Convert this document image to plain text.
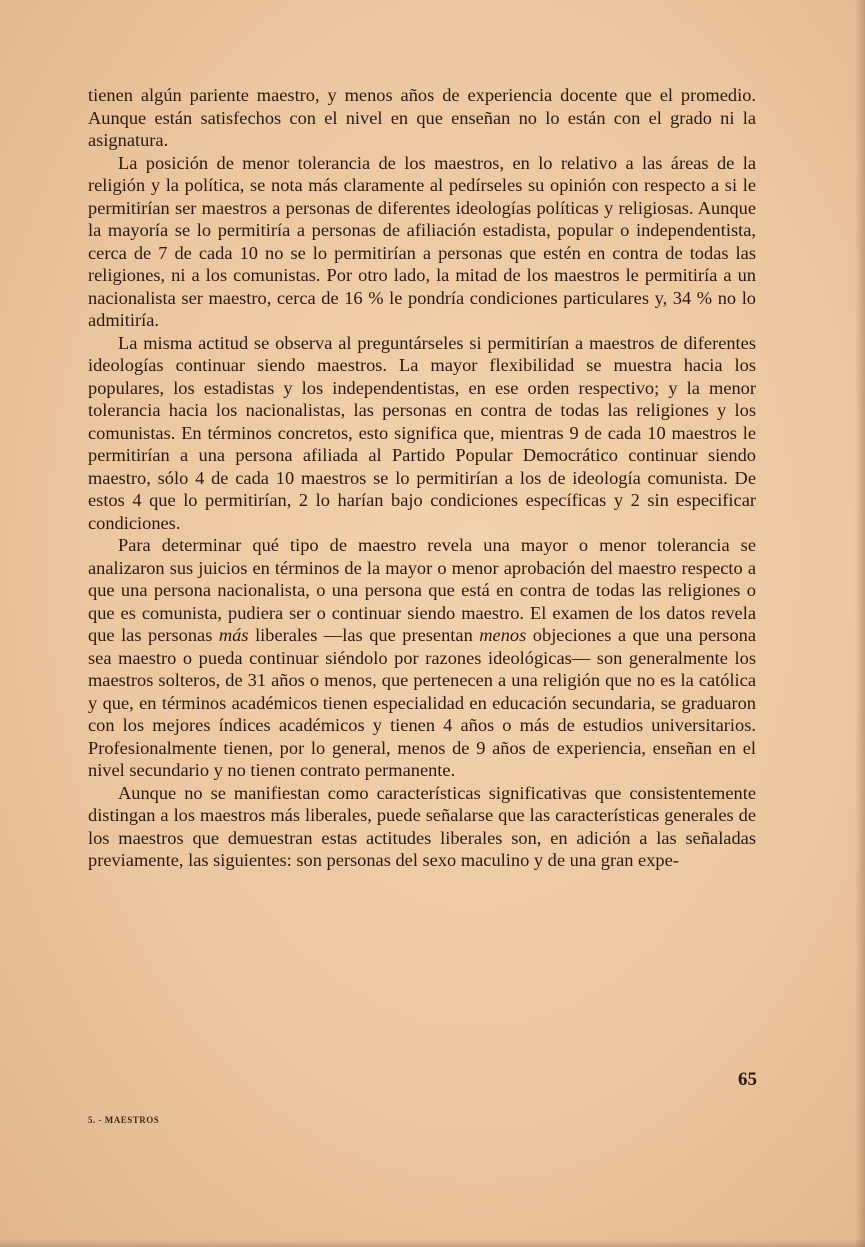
tienen algún pariente maestro, y menos años de experiencia docente que el promedio. Aunque están satisfechos con el nivel en que enseñan no lo están con el grado ni la asignatura.

La posición de menor tolerancia de los maestros, en lo relativo a las áreas de la religión y la política, se nota más claramente al pedírseles su opinión con respecto a si le permitirían ser maestros a personas de diferentes ideologías políticas y religiosas. Aunque la mayoría se lo permitiría a personas de afiliación estadista, popular o independentista, cerca de 7 de cada 10 no se lo permitirían a personas que estén en contra de todas las religiones, ni a los comunistas. Por otro lado, la mitad de los maestros le permitiría a un nacionalista ser maestro, cerca de 16 % le pondría condiciones particulares y, 34 % no lo admitiría.

La misma actitud se observa al preguntárseles si permitirían a maestros de diferentes ideologías continuar siendo maestros. La mayor flexibilidad se muestra hacia los populares, los estadistas y los independentistas, en ese orden respectivo; y la menor tolerancia hacia los nacionalistas, las personas en contra de todas las religiones y los comunistas. En términos concretos, esto significa que, mientras 9 de cada 10 maestros le permitirían a una persona afiliada al Partido Popular Democrático continuar siendo maestro, sólo 4 de cada 10 maestros se lo permitirían a los de ideología comunista. De estos 4 que lo permitirían, 2 lo harían bajo condiciones específicas y 2 sin especificar condiciones.

Para determinar qué tipo de maestro revela una mayor o menor tolerancia se analizaron sus juicios en términos de la mayor o menor aprobación del maestro respecto a que una persona nacionalista, o una persona que está en contra de todas las religiones o que es comunista, pudiera ser o continuar siendo maestro. El examen de los datos revela que las personas más liberales —las que presentan menos objeciones a que una persona sea maestro o pueda continuar siéndolo por razones ideológicas— son generalmente los maestros solteros, de 31 años o menos, que pertenecen a una religión que no es la católica y que, en términos académicos tienen especialidad en educación secundaria, se graduaron con los mejores índices académicos y tienen 4 años o más de estudios universitarios. Profesionalmente tienen, por lo general, menos de 9 años de experiencia, enseñan en el nivel secundario y no tienen contrato permanente.

Aunque no se manifiestan como características significativas que consistentemente distingan a los maestros más liberales, puede señalarse que las características generales de los maestros que demuestran estas actitudes liberales son, en adición a las señaladas previamente, las siguientes: son personas del sexo maculino y de una gran expe-

65
5. - MAESTROS
